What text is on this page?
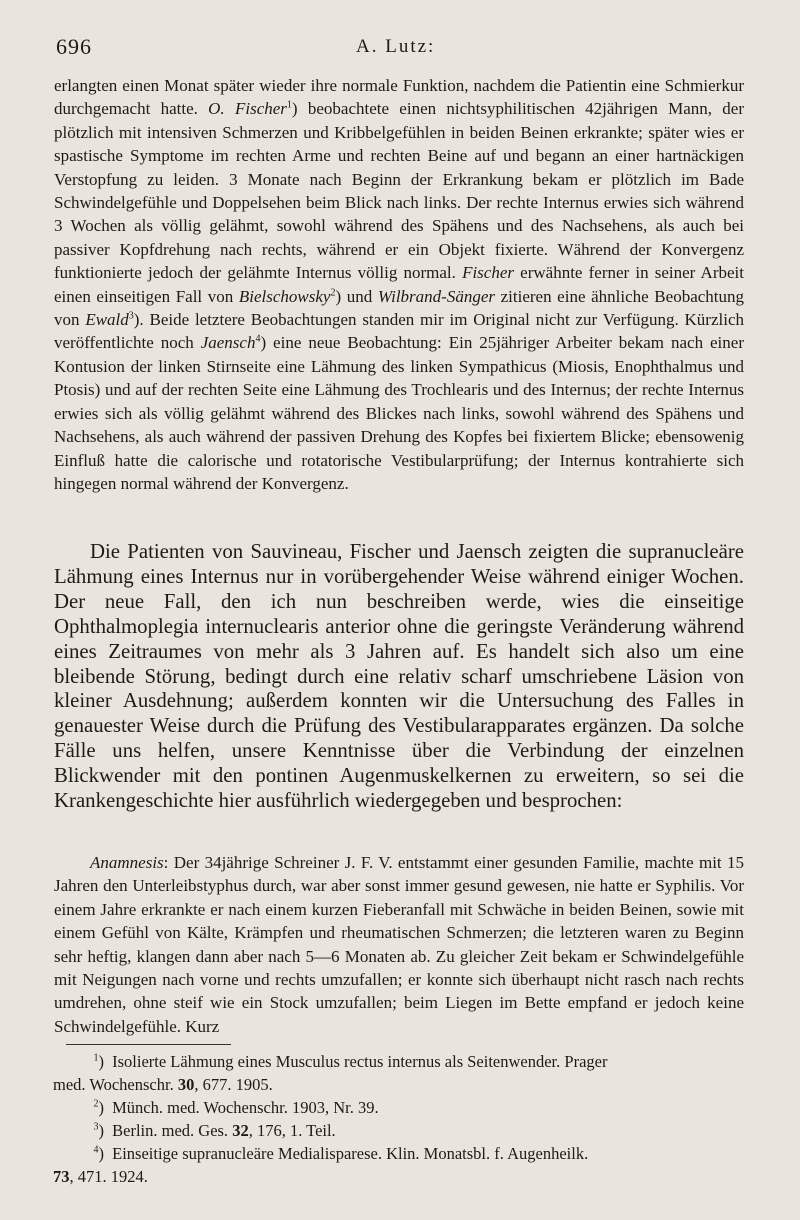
696	A. Lutz:

erlangten einen Monat später wieder ihre normale Funktion, nachdem die Patientin eine Schmierkur durchgemacht hatte. O. Fischer$^1$) beobachtete einen nichtsyphilitischen 42jährigen Mann, der plötzlich mit intensiven Schmerzen und Kribbelgefühlen in beiden Beinen erkrankte; später wies er spastische Symptome im rechten Arme und rechten Beine auf und begann an einer hartnäckigen Verstopfung zu leiden. 3 Monate nach Beginn der Erkrankung bekam er plötzlich im Bade Schwindelgefühle und Doppelsehen beim Blick nach links. Der rechte Internus erwies sich während 3 Wochen als völlig gelähmt, sowohl während des Spähens und des Nachsehens, als auch bei passiver Kopfdrehung nach rechts, während er ein Objekt fixierte. Während der Konvergenz funktionierte jedoch der gelähmte Internus völlig normal. Fischer erwähnte ferner in seiner Arbeit einen einseitigen Fall von Bielschowsky$^2$) und Wilbrand-Sänger zitieren eine ähnliche Beobachtung von Ewald$^3$). Beide letztere Beobachtungen standen mir im Original nicht zur Verfügung. Kürzlich veröffentlichte noch Jaensch$^4$) eine neue Beobachtung: Ein 25jähriger Arbeiter bekam nach einer Kontusion der linken Stirnseite eine Lähmung des linken Sympathicus (Miosis, Enophthalmus und Ptosis) und auf der rechten Seite eine Lähmung des Trochlearis und des Internus; der rechte Internus erwies sich als völlig gelähmt während des Blickes nach links, sowohl während des Spähens und Nachsehens, als auch während der passiven Drehung des Kopfes bei fixiertem Blicke; ebensowenig Einfluß hatte die calorische und rotatorische Vestibularprüfung; der Internus kontrahierte sich hingegen normal während der Konvergenz.

Die Patienten von Sauvineau, Fischer und Jaensch zeigten die supranucleäre Lähmung eines Internus nur in vorübergehender Weise während einiger Wochen. Der neue Fall, den ich nun beschreiben werde, wies die einseitige Ophthalmoplegia internuclearis anterior ohne die geringste Veränderung während eines Zeitraumes von mehr als 3 Jahren auf. Es handelt sich also um eine bleibende Störung, bedingt durch eine relativ scharf umschriebene Läsion von kleiner Ausdehnung; außerdem konnten wir die Untersuchung des Falles in genauester Weise durch die Prüfung des Vestibularapparates ergänzen. Da solche Fälle uns helfen, unsere Kenntnisse über die Verbindung der einzelnen Blickwender mit den pontinen Augenmuskelkernen zu erweitern, so sei die Krankengeschichte hier ausführlich wiedergegeben und besprochen:

Anamnesis: Der 34jährige Schreiner J. F. V. entstammt einer gesunden Familie, machte mit 15 Jahren den Unterleibstyphus durch, war aber sonst immer gesund gewesen, nie hatte er Syphilis. Vor einem Jahre erkrankte er nach einem kurzen Fieberanfall mit Schwäche in beiden Beinen, sowie mit einem Gefühl von Kälte, Krämpfen und rheumatischen Schmerzen; die letzteren waren zu Beginn sehr heftig, klangen dann aber nach 5—6 Monaten ab. Zu gleicher Zeit bekam er Schwindelgefühle mit Neigungen nach vorne und rechts umzufallen; er konnte sich überhaupt nicht rasch nach rechts umdrehen, ohne steif wie ein Stock umzufallen; beim Liegen im Bette empfand er jedoch keine Schwindelgefühle. Kurz

$^1$) Isolierte Lähmung eines Musculus rectus internus als Seitenwender. Prager
med. Wochenschr. 30, 677. 1905.

$^2$) Münch. med. Wochenschr. 1903, Nr. 39.

$^3$) Berlin. med. Ges. 32, 176, 1. Teil.

$^4$) Einseitige supranucleäre Medialisparese. Klin. Monatsbl. f. Augenheilk.
73, 471. 1924.
